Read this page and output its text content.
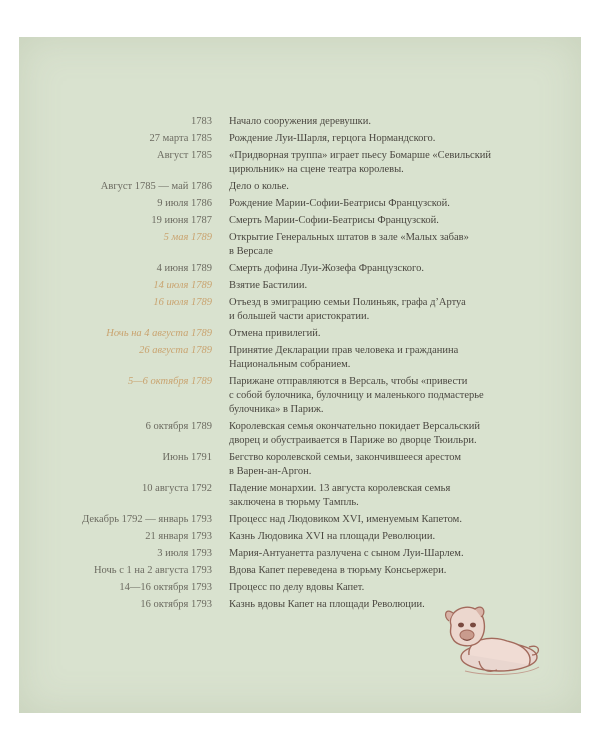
1783	Начало сооружения деревушки.
27 марта 1785	Рождение Луи-Шарля, герцога Нормандского.
Август 1785	«Придворная труппа» играет пьесу Бомарше «Севильский
цирюльник» на сцене театра королевы.
Август 1785 — май 1786	Дело о колье.
9 июля 1786	Рождение Марии-Софии-Беатрисы Французской.
19 июня 1787	Смерть Марии-Софии-Беатрисы Французской.
5 мая 1789	Открытие Генеральных штатов в зале «Малых забав»
в Версале
4 июня 1789	Смерть дофина Луи-Жозефа Французского.
14 июля 1789	Взятие Бастилии.
16 июля 1789	Отъезд в эмиграцию семьи Полиньяк, графа д’Артуа
и большей части аристократии.
Ночь на 4 августа 1789	Отмена привилегий.
26 августа 1789	Принятие Декларации прав человека и гражданина
Национальным собранием.
5—6 октября 1789	Парижане отправляются в Версаль, чтобы «привести
с собой булочника, булочницу и маленького подмастерье
булочника» в Париж.
6 октября 1789	Королевская семья окончательно покидает Версальский
дворец и обустраивается в Париже во дворце Тюильри.
Июнь 1791	Бегство королевской семьи, закончившееся арестом
в Варен-ан-Аргон.
10 августа 1792	Падение монархии. 13 августа королевская семья
заключена в тюрьму Тампль.
Декабрь 1792 — январь 1793	Процесс над Людовиком XVI, именуемым Капетом.
21 января 1793	Казнь Людовика XVI на площади Революции.
3 июля 1793	Мария-Антуанетта разлучена с сыном Луи-Шарлем.
Ночь с 1 на 2 августа 1793	Вдова Капет переведена в тюрьму Консьержери.
14—16 октября 1793	Процесс по делу вдовы Капет.
16 октября 1793	Казнь вдовы Капет на площади Революции.
